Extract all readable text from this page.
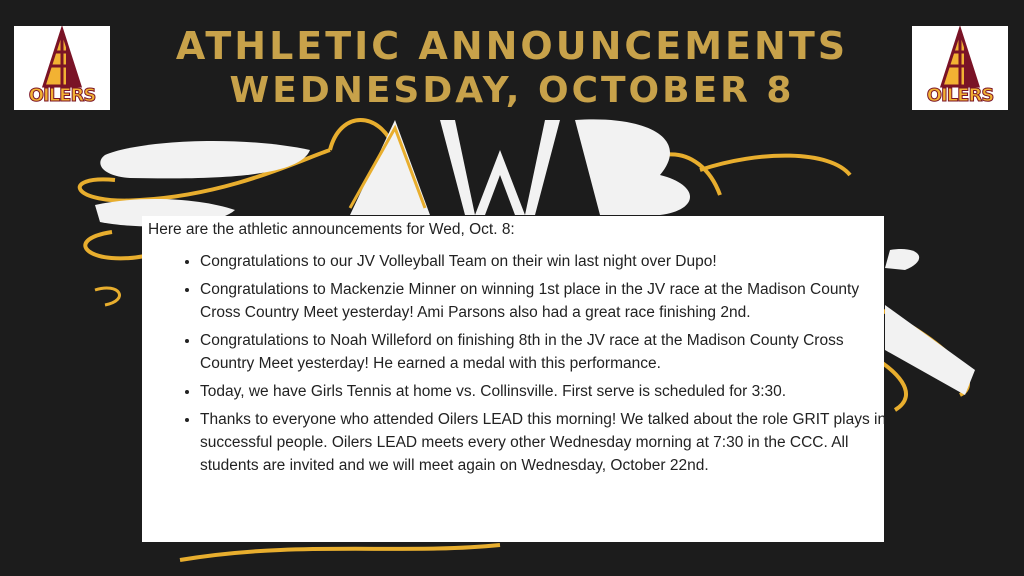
ATHLETIC ANNOUNCEMENTS
WEDNESDAY, OCTOBER 8
OILERS	OILERS
Here are the athletic announcements for Wed, Oct. 8:
• Congratulations to our JV Volleyball Team on their win last night over Dupo!
• Congratulations to Mackenzie Minner on winning 1st place in the JV race at the Madison County Cross Country Meet yesterday! Ami Parsons also had a great race finishing 2nd.
• Congratulations to Noah Willeford on finishing 8th in the JV race at the Madison County Cross Country Meet yesterday! He earned a medal with this performance.
• Today, we have Girls Tennis at home vs. Collinsville. First serve is scheduled for 3:30.
• Thanks to everyone who attended Oilers LEAD this morning! We talked about the role GRIT plays in successful people. Oilers LEAD meets every other Wednesday morning at 7:30 in the CCC. All students are invited and we will meet again on Wednesday, October 22nd.
